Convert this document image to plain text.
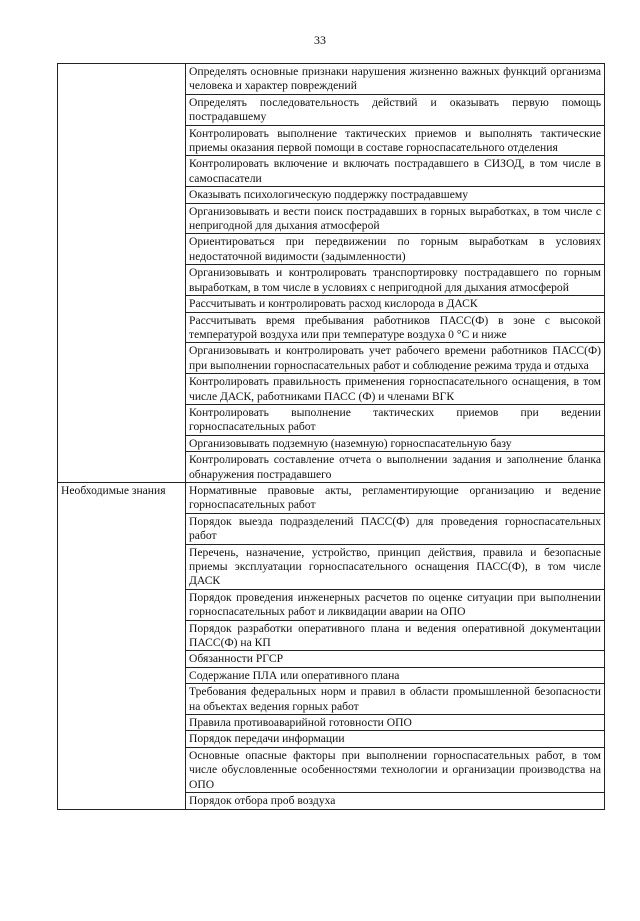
33
	Определять основные признаки нарушения жизненно важных функций организма человека и характер повреждений
	Определять последовательность действий и оказывать первую помощь пострадавшему
	Контролировать выполнение тактических приемов и выполнять тактические приемы оказания первой помощи в составе горноспасательного отделения
	Контролировать включение и включать пострадавшего в СИЗОД, в том числе в самоспасатели
	Оказывать психологическую поддержку пострадавшему
	Организовывать и вести поиск пострадавших в горных выработках, в том числе с непригодной для дыхания атмосферой
	Ориентироваться при передвижении по горным выработкам в условиях недостаточной видимости (задымленности)
	Организовывать и контролировать транспортировку пострадавшего по горным выработкам, в том числе в условиях с непригодной для дыхания атмосферой
	Рассчитывать и контролировать расход кислорода в ДАСК
	Рассчитывать время пребывания работников ПАСС(Ф) в зоне с высокой температурой воздуха или при температуре воздуха 0 °С и ниже
	Организовывать и контролировать учет рабочего времени работников ПАСС(Ф) при выполнении горноспасательных работ и соблюдение режима труда и отдыха
	Контролировать правильность применения горноспасательного оснащения, в том числе ДАСК, работниками ПАСС (Ф) и членами ВГК
	Контролировать выполнение тактических приемов при ведении горноспасательных работ
	Организовывать подземную (наземную) горноспасательную базу
	Контролировать составление отчета о выполнении задания и заполнение бланка обнаружения пострадавшего
Необходимые знания	Нормативные правовые акты, регламентирующие организацию и ведение горноспасательных работ
	Порядок выезда подразделений ПАСС(Ф) для проведения горноспасательных работ
	Перечень, назначение, устройство, принцип действия, правила и безопасные приемы эксплуатации горноспасательного оснащения ПАСС(Ф), в том числе ДАСК
	Порядок проведения инженерных расчетов по оценке ситуации при выполнении горноспасательных работ и ликвидации аварии на ОПО
	Порядок разработки оперативного плана и ведения оперативной документации ПАСС(Ф) на КП
	Обязанности РГСР
	Содержание ПЛА или оперативного плана
	Требования федеральных норм и правил в области промышленной безопасности на объектах ведения горных работ
	Правила противоаварийной готовности ОПО
	Порядок передачи информации
	Основные опасные факторы при выполнении горноспасательных работ, в том числе обусловленные особенностями технологии и организации производства на ОПО
	Порядок отбора проб воздуха
